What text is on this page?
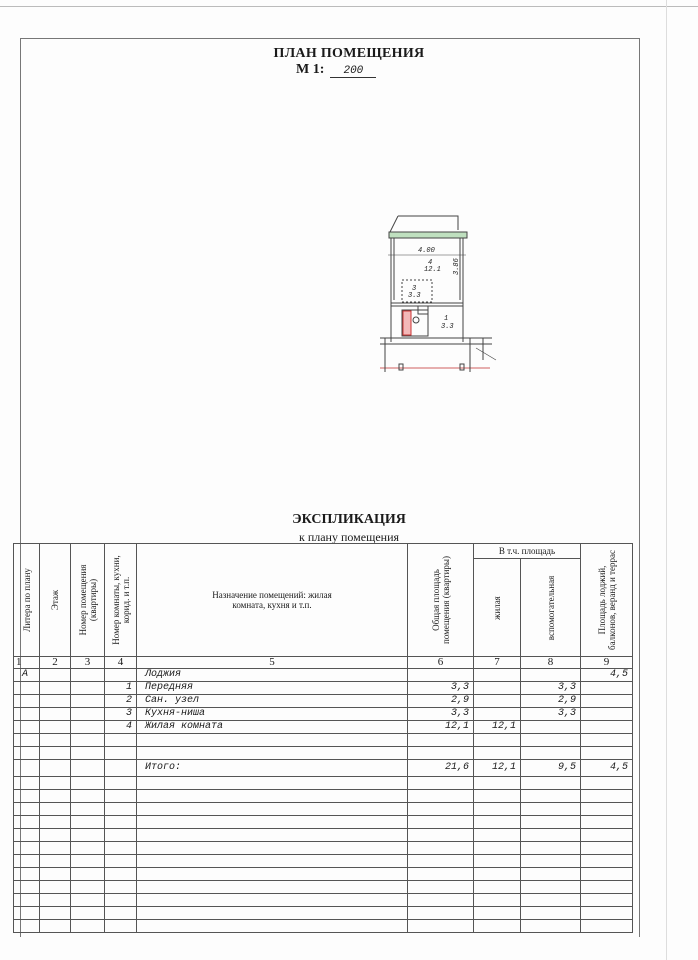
ПЛАН ПОМЕЩЕНИЯ
М 1: 200
4.00
3.86
4
12.1
3
3.3
1
3.3
ЭКСПЛИКАЦИЯ
к плану помещения
Литера по плану	Этаж	Номер помещения (квартиры)	Номер комнаты, кухни, корид. и т.п.	Назначение помещений: жилая комната, кухня и т.п.	Общая площадь помещения (квартиры)	В т.ч. площадь		Площадь лоджий, балконов, веранд и террас

						жилая	вспомогательная	

1	2	3	4	5	6	7	8	9
А				Лоджия				4,5
			1	Передняя	3,3		3,3	
			2	Сан. узел	2,9		2,9	
			3	Кухня-ниша	3,3		3,3	
			4	Жилая комната	12,1	12,1		

				Итого:	21,6	12,1	9,5	4,5
